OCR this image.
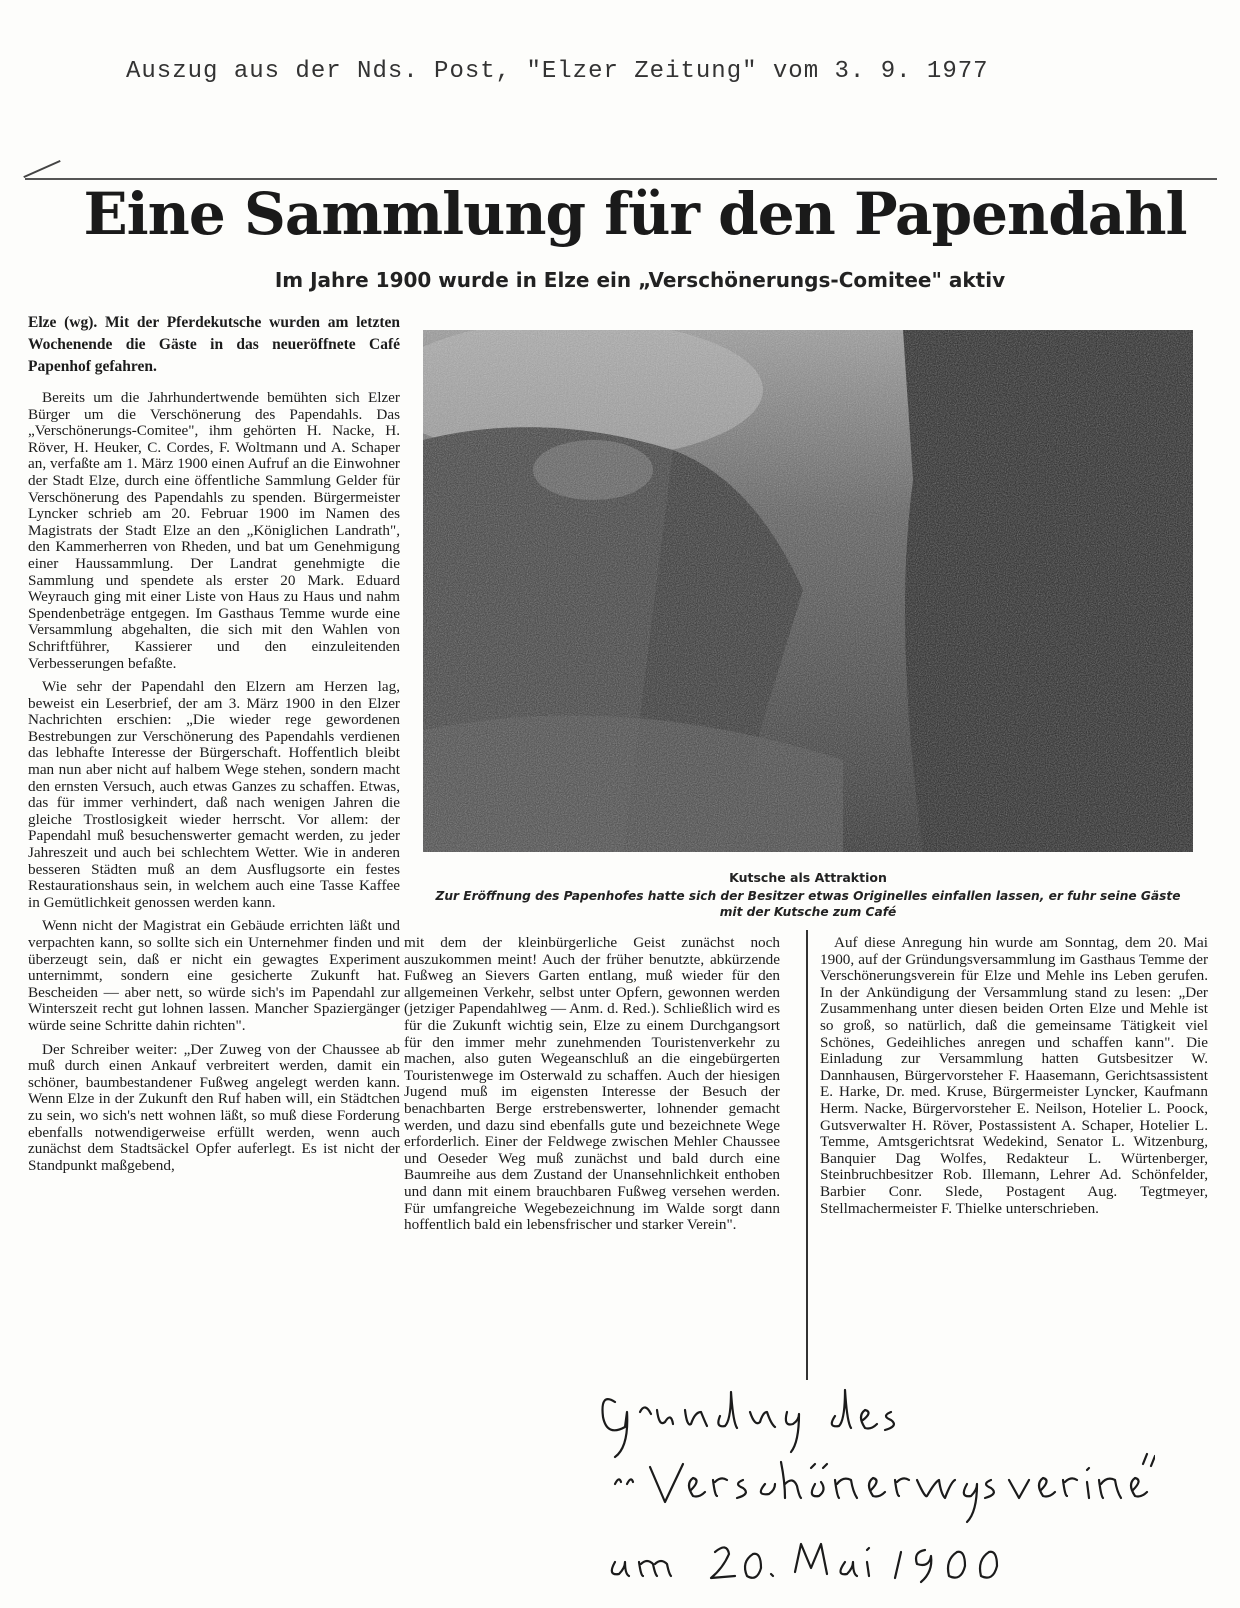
Auszug aus der Nds. Post, "Elzer Zeitung" vom 3. 9. 1977
Eine Sammlung für den Papendahl
Im Jahre 1900 wurde in Elze ein „Verschönerungs-Comitee" aktiv

Elze (wg). Mit der Pferdekutsche wurden am letzten Wochenende die Gäste in das neueröffnete Café Papenhof gefahren.

Bereits um die Jahrhundertwende bemühten sich Elzer Bürger um die Verschönerung des Papendahls. Das „Verschönerungs-Comitee", ihm gehörten H. Nacke, H. Röver, H. Heuker, C. Cordes, F. Woltmann und A. Schaper an, verfaßte am 1. März 1900 einen Aufruf an die Einwohner der Stadt Elze, durch eine öffentliche Sammlung Gelder für Verschönerung des Papendahls zu spenden. Bürgermeister Lyncker schrieb am 20. Februar 1900 im Namen des Magistrats der Stadt Elze an den „Königlichen Landrath", den Kammerherren von Rheden, und bat um Genehmigung einer Haussammlung. Der Landrat genehmigte die Sammlung und spendete als erster 20 Mark. Eduard Weyrauch ging mit einer Liste von Haus zu Haus und nahm Spendenbeträge entgegen. Im Gasthaus Temme wurde eine Versammlung abgehalten, die sich mit den Wahlen von Schriftführer, Kassierer und den einzuleitenden Verbesserungen befaßte.

Wie sehr der Papendahl den Elzern am Herzen lag, beweist ein Leserbrief, der am 3. März 1900 in den Elzer Nachrichten erschien: „Die wieder rege gewordenen Bestrebungen zur Verschönerung des Papendahls verdienen das lebhafte Interesse der Bürgerschaft. Hoffentlich bleibt man nun aber nicht auf halbem Wege stehen, sondern macht den ernsten Versuch, auch etwas Ganzes zu schaffen. Etwas, das für immer verhindert, daß nach wenigen Jahren die gleiche Trostlosigkeit wieder herrscht. Vor allem: der Papendahl muß besuchenswerter gemacht werden, zu jeder Jahreszeit und auch bei schlechtem Wetter. Wie in anderen besseren Städten muß an dem Ausflugsorte ein festes Restaurationshaus sein, in welchem auch eine Tasse Kaffee in Gemütlichkeit genossen werden kann.

Wenn nicht der Magistrat ein Gebäude errichten läßt und verpachten kann, so sollte sich ein Unternehmer finden und überzeugt sein, daß er nicht ein gewagtes Experiment unternimmt, sondern eine gesicherte Zukunft hat. Bescheiden — aber nett, so würde sich's im Papendahl zur Winterszeit recht gut lohnen lassen. Mancher Spaziergänger würde seine Schritte dahin richten".

Der Schreiber weiter: „Der Zuweg von der Chaussee ab muß durch einen Ankauf verbreitert werden, damit ein schöner, baumbestandener Fußweg angelegt werden kann. Wenn Elze in der Zukunft den Ruf haben will, ein Städtchen zu sein, wo sich's nett wohnen läßt, so muß diese Forderung ebenfalls notwendigerweise erfüllt werden, wenn auch zunächst dem Stadtsäckel Opfer auferlegt. Es ist nicht der Standpunkt maßgebend,

Kutsche als Attraktion
Zur Eröffnung des Papenhofes hatte sich der Besitzer etwas Originelles einfallen lassen, er fuhr seine Gäste mit der Kutsche zum Café

mit dem der kleinbürgerliche Geist zunächst noch auszukommen meint! Auch der früher benutzte, abkürzende Fußweg an Sievers Garten entlang, muß wieder für den allgemeinen Verkehr, selbst unter Opfern, gewonnen werden (jetziger Papendahlweg — Anm. d. Red.). Schließlich wird es für die Zukunft wichtig sein, Elze zu einem Durchgangsort für den immer mehr zunehmenden Touristenverkehr zu machen, also guten Wegeanschluß an die eingebürgerten Touristenwege im Osterwald zu schaffen. Auch der hiesigen Jugend muß im eigensten Interesse der Besuch der benachbarten Berge erstrebenswerter, lohnender gemacht werden, und dazu sind ebenfalls gute und bezeichnete Wege erforderlich. Einer der Feldwege zwischen Mehler Chaussee und Oeseder Weg muß zunächst und bald durch eine Baumreihe aus dem Zustand der Unansehnlichkeit enthoben und dann mit einem brauchbaren Fußweg versehen werden. Für umfangreiche Wegebezeichnung im Walde sorgt dann hoffentlich bald ein lebensfrischer und starker Verein".

Auf diese Anregung hin wurde am Sonntag, dem 20. Mai 1900, auf der Gründungsversammlung im Gasthaus Temme der Verschönerungsverein für Elze und Mehle ins Leben gerufen. In der Ankündigung der Versammlung stand zu lesen: „Der Zusammenhang unter diesen beiden Orten Elze und Mehle ist so groß, so natürlich, daß die gemeinsame Tätigkeit viel Schönes, Gedeihliches anregen und schaffen kann". Die Einladung zur Versammlung hatten Gutsbesitzer W. Dannhausen, Bürgervorsteher F. Haasemann, Gerichtsassistent E. Harke, Dr. med. Kruse, Bürgermeister Lyncker, Kaufmann Herm. Nacke, Bürgervorsteher E. Neilson, Hotelier L. Poock, Gutsverwalter H. Röver, Postassistent A. Schaper, Hotelier L. Temme, Amtsgerichtsrat Wedekind, Senator L. Witzenburg, Banquier Dag Wolfes, Redakteur L. Würtenberger, Steinbruchbesitzer Rob. Illemann, Lehrer Ad. Schönfelder, Barbier Conr. Slede, Postagent Aug. Tegtmeyer, Stellmachermeister F. Thielke unterschrieben.
